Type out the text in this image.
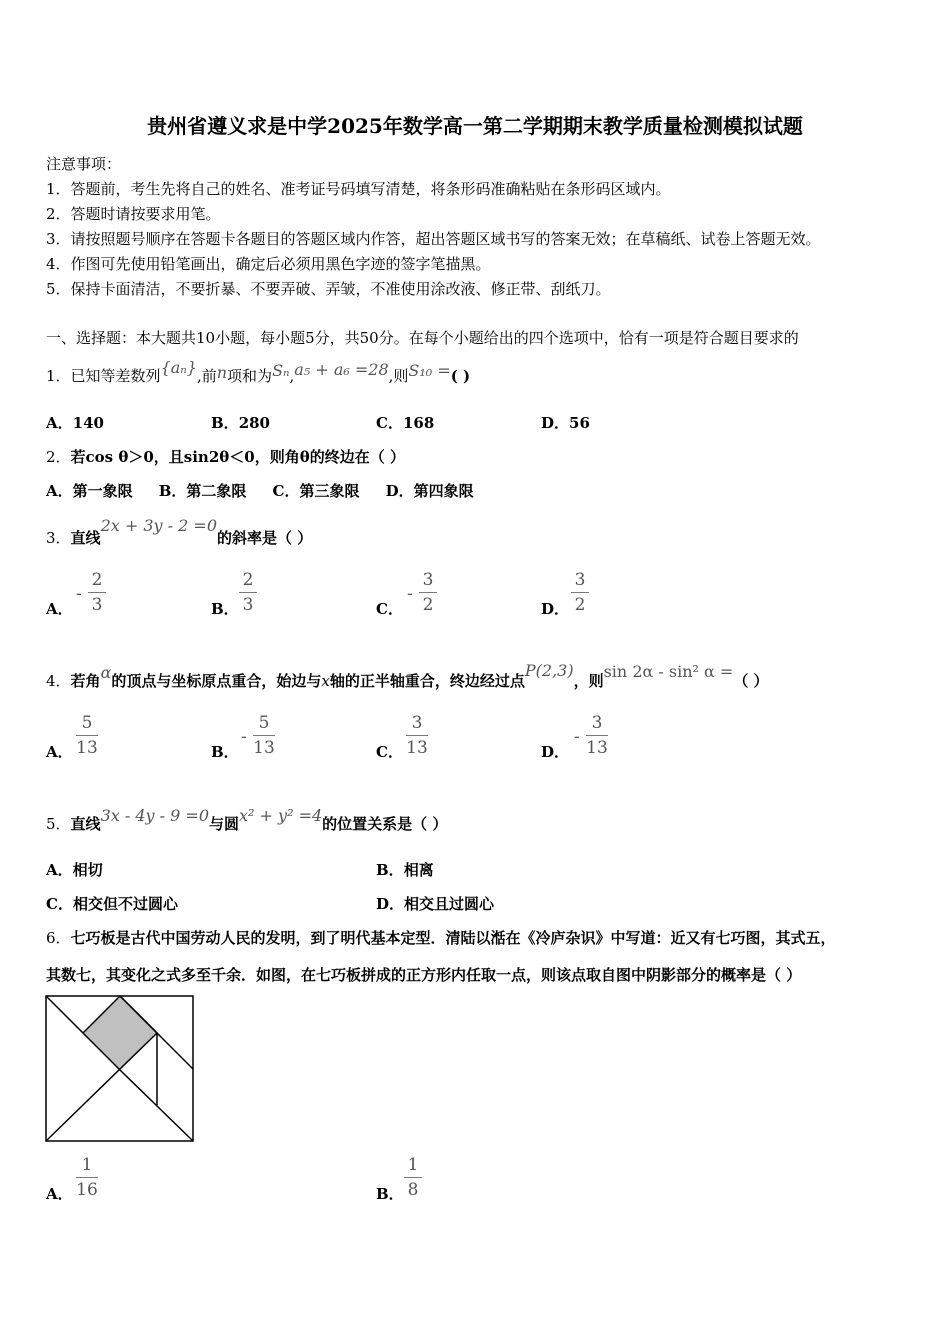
贵州省遵义求是中学2025年数学高一第二学期期末教学质量检测模拟试题
注意事项：
1．答题前，考生先将自己的姓名、准考证号码填写清楚，将条形码准确粘贴在条形码区域内。
2．答题时请按要求用笔。
3．请按照题号顺序在答题卡各题目的答题区域内作答，超出答题区域书写的答案无效；在草稿纸、试卷上答题无效。
4．作图可先使用铅笔画出，确定后必须用黑色字迹的签字笔描黑。
5．保持卡面清洁，不要折暴、不要弄破、弄皱，不准使用涂改液、修正带、刮纸刀。
一、选择题：本大题共10小题，每小题5分，共50分。在每个小题给出的四个选项中，恰有一项是符合题目要求的
1．已知等差数列{aₙ},前n项和为Sₙ,a₅ + a₆ =28,则S₁₀ =( )
A．140	B．280	C．168	D．56
2．若cos θ＞0，且sin2θ＜0，则角θ的终边在（ ）
A．第一象限     B．第二象限     C．第三象限     D．第四象限
3．直线2x + 3y - 2 =0的斜率是（ ）
A．
-
2
3	B．
2
3	C．
-
3
2	D．
3
2
4．若角α的顶点与坐标原点重合，始边与x轴的正半轴重合，终边经过点P(2,3)，则sin 2α - sin² α =（ ）
A．
5
13	B．
-
5
13	C．
3
13	D．
-
3
13
5．直线3x - 4y - 9 =0与圆x² + y² =4的位置关系是（ ）
A．相切	B．相离
C．相交但不过圆心	D．相交且过圆心
6．七巧板是古代中国劳动人民的发明，到了明代基本定型．清陆以湉在《冷庐杂识》中写道：近又有七巧图，其式五，
其数七，其变化之式多至千余．如图，在七巧板拼成的正方形内任取一点，则该点取自图中阴影部分的概率是（ ）
A．
1
16	B．
1
8
